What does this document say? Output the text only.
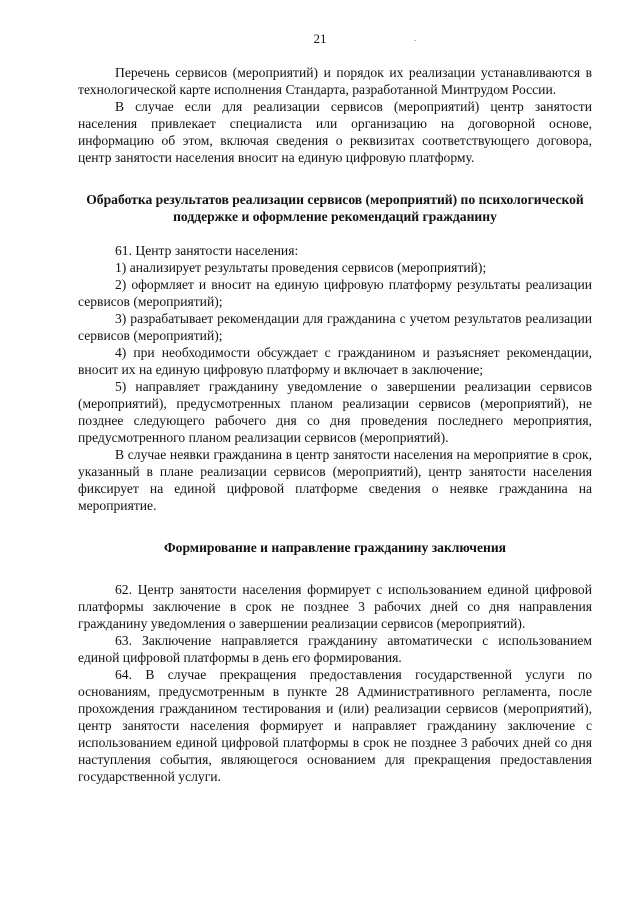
21	.

Перечень сервисов (мероприятий) и порядок их реализации устанавливаются в технологической карте исполнения Стандарта, разработанной Минтрудом России.

В случае если для реализации сервисов (мероприятий) центр занятости населения привлекает специалиста или организацию на договорной основе, информацию об этом, включая сведения о реквизитах соответствующего договора, центр занятости населения вносит на единую цифровую платформу.

Обработка результатов реализации сервисов (мероприятий) по психологической поддержке и оформление рекомендаций гражданину

61. Центр занятости населения:

1) анализирует результаты проведения сервисов (мероприятий);

2) оформляет и вносит на единую цифровую платформу результаты реализации сервисов (мероприятий);

3) разрабатывает рекомендации для гражданина с учетом результатов реализации сервисов (мероприятий);

4) при необходимости обсуждает с гражданином и разъясняет рекомендации, вносит их на единую цифровую платформу и включает в заключение;

5) направляет гражданину уведомление о завершении реализации сервисов (мероприятий), предусмотренных планом реализации сервисов (мероприятий), не позднее следующего рабочего дня со дня проведения последнего мероприятия, предусмотренного планом реализации сервисов (мероприятий).

В случае неявки гражданина в центр занятости населения на мероприятие в срок, указанный в плане реализации сервисов (мероприятий), центр занятости населения фиксирует на единой цифровой платформе сведения о неявке гражданина на мероприятие.

Формирование и направление гражданину заключения

62. Центр занятости населения формирует с использованием единой цифровой платформы заключение в срок не позднее 3 рабочих дней со дня направления гражданину уведомления о завершении реализации сервисов (мероприятий).

63. Заключение направляется гражданину автоматически с использованием единой цифровой платформы в день его формирования.

64. В случае прекращения предоставления государственной услуги по основаниям, предусмотренным в пункте 28 Административного регламента, после прохождения гражданином тестирования и (или) реализации сервисов (мероприятий), центр занятости населения формирует и направляет гражданину заключение с использованием единой цифровой платформы в срок не позднее 3 рабочих дней со дня наступления события, являющегося основанием для прекращения предоставления государственной услуги.
